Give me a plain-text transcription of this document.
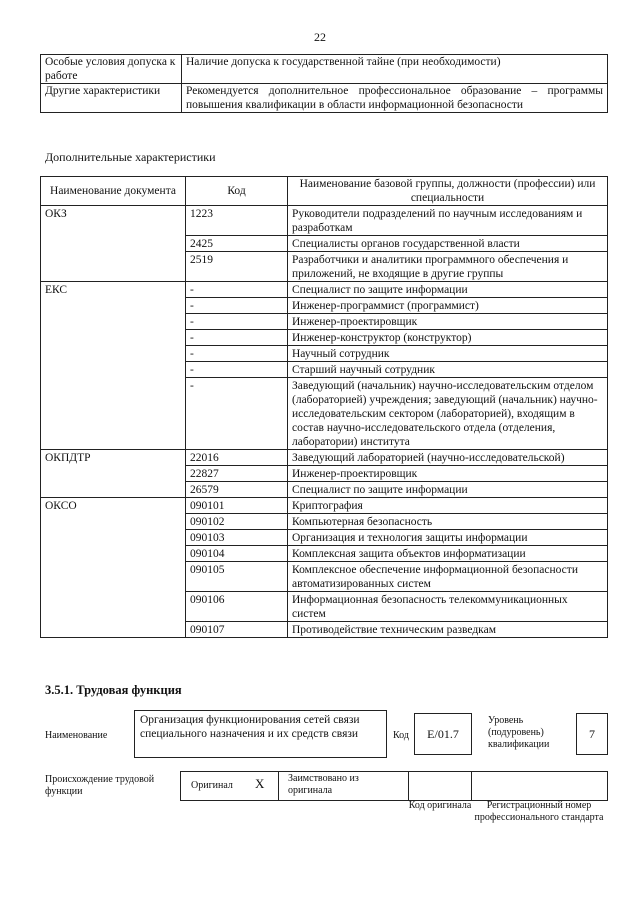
22
Особые условия допуска к работе	Наличие допуска к государственной тайне (при необходимости)
Другие характеристики	Рекомендуется дополнительное профессиональное образование – программы повышения квалификации в области информационной безопасности
Дополнительные характеристики
Наименование документа	Код	Наименование базовой группы, должности (профессии) или специальности
ОКЗ	1223	Руководители подразделений по научным исследованиям и разработкам
	2425	Специалисты органов государственной власти
	2519	Разработчики и аналитики программного обеспечения и приложений, не входящие в другие группы
ЕКС	-	Специалист по защите информации
	-	Инженер-программист (программист)
	-	Инженер-проектировщик
	-	Инженер-конструктор (конструктор)
	-	Научный сотрудник
	-	Старший научный сотрудник
	-	Заведующий (начальник) научно-исследовательским отделом (лабораторией) учреждения; заведующий (начальник) научно-исследовательским сектором (лабораторией), входящим в состав научно-исследовательского отдела (отделения, лаборатории) института
ОКПДТР	22016	Заведующий лабораторией (научно-исследовательской)
	22827	Инженер-проектировщик
	26579	Специалист по защите информации
ОКСО	090101	Криптография
	090102	Компьютерная безопасность
	090103	Организация и технология защиты информации
	090104	Комплексная защита объектов информатизации
	090105	Комплексное обеспечение информационной безопасности автоматизированных систем
	090106	Информационная безопасность телекоммуникационных систем
	090107	Противодействие техническим разведкам
3.5.1. Трудовая функция
Наименование
Организация функционирования сетей связи специального назначения и их средств связи	Код	E/01.7
Уровень (подуровень) квалификации
7
Происхождение трудовой функции
Оригинал X	Заимствовано из оригинала
Код оригинала	Регистрационный номер профессионального стандарта
